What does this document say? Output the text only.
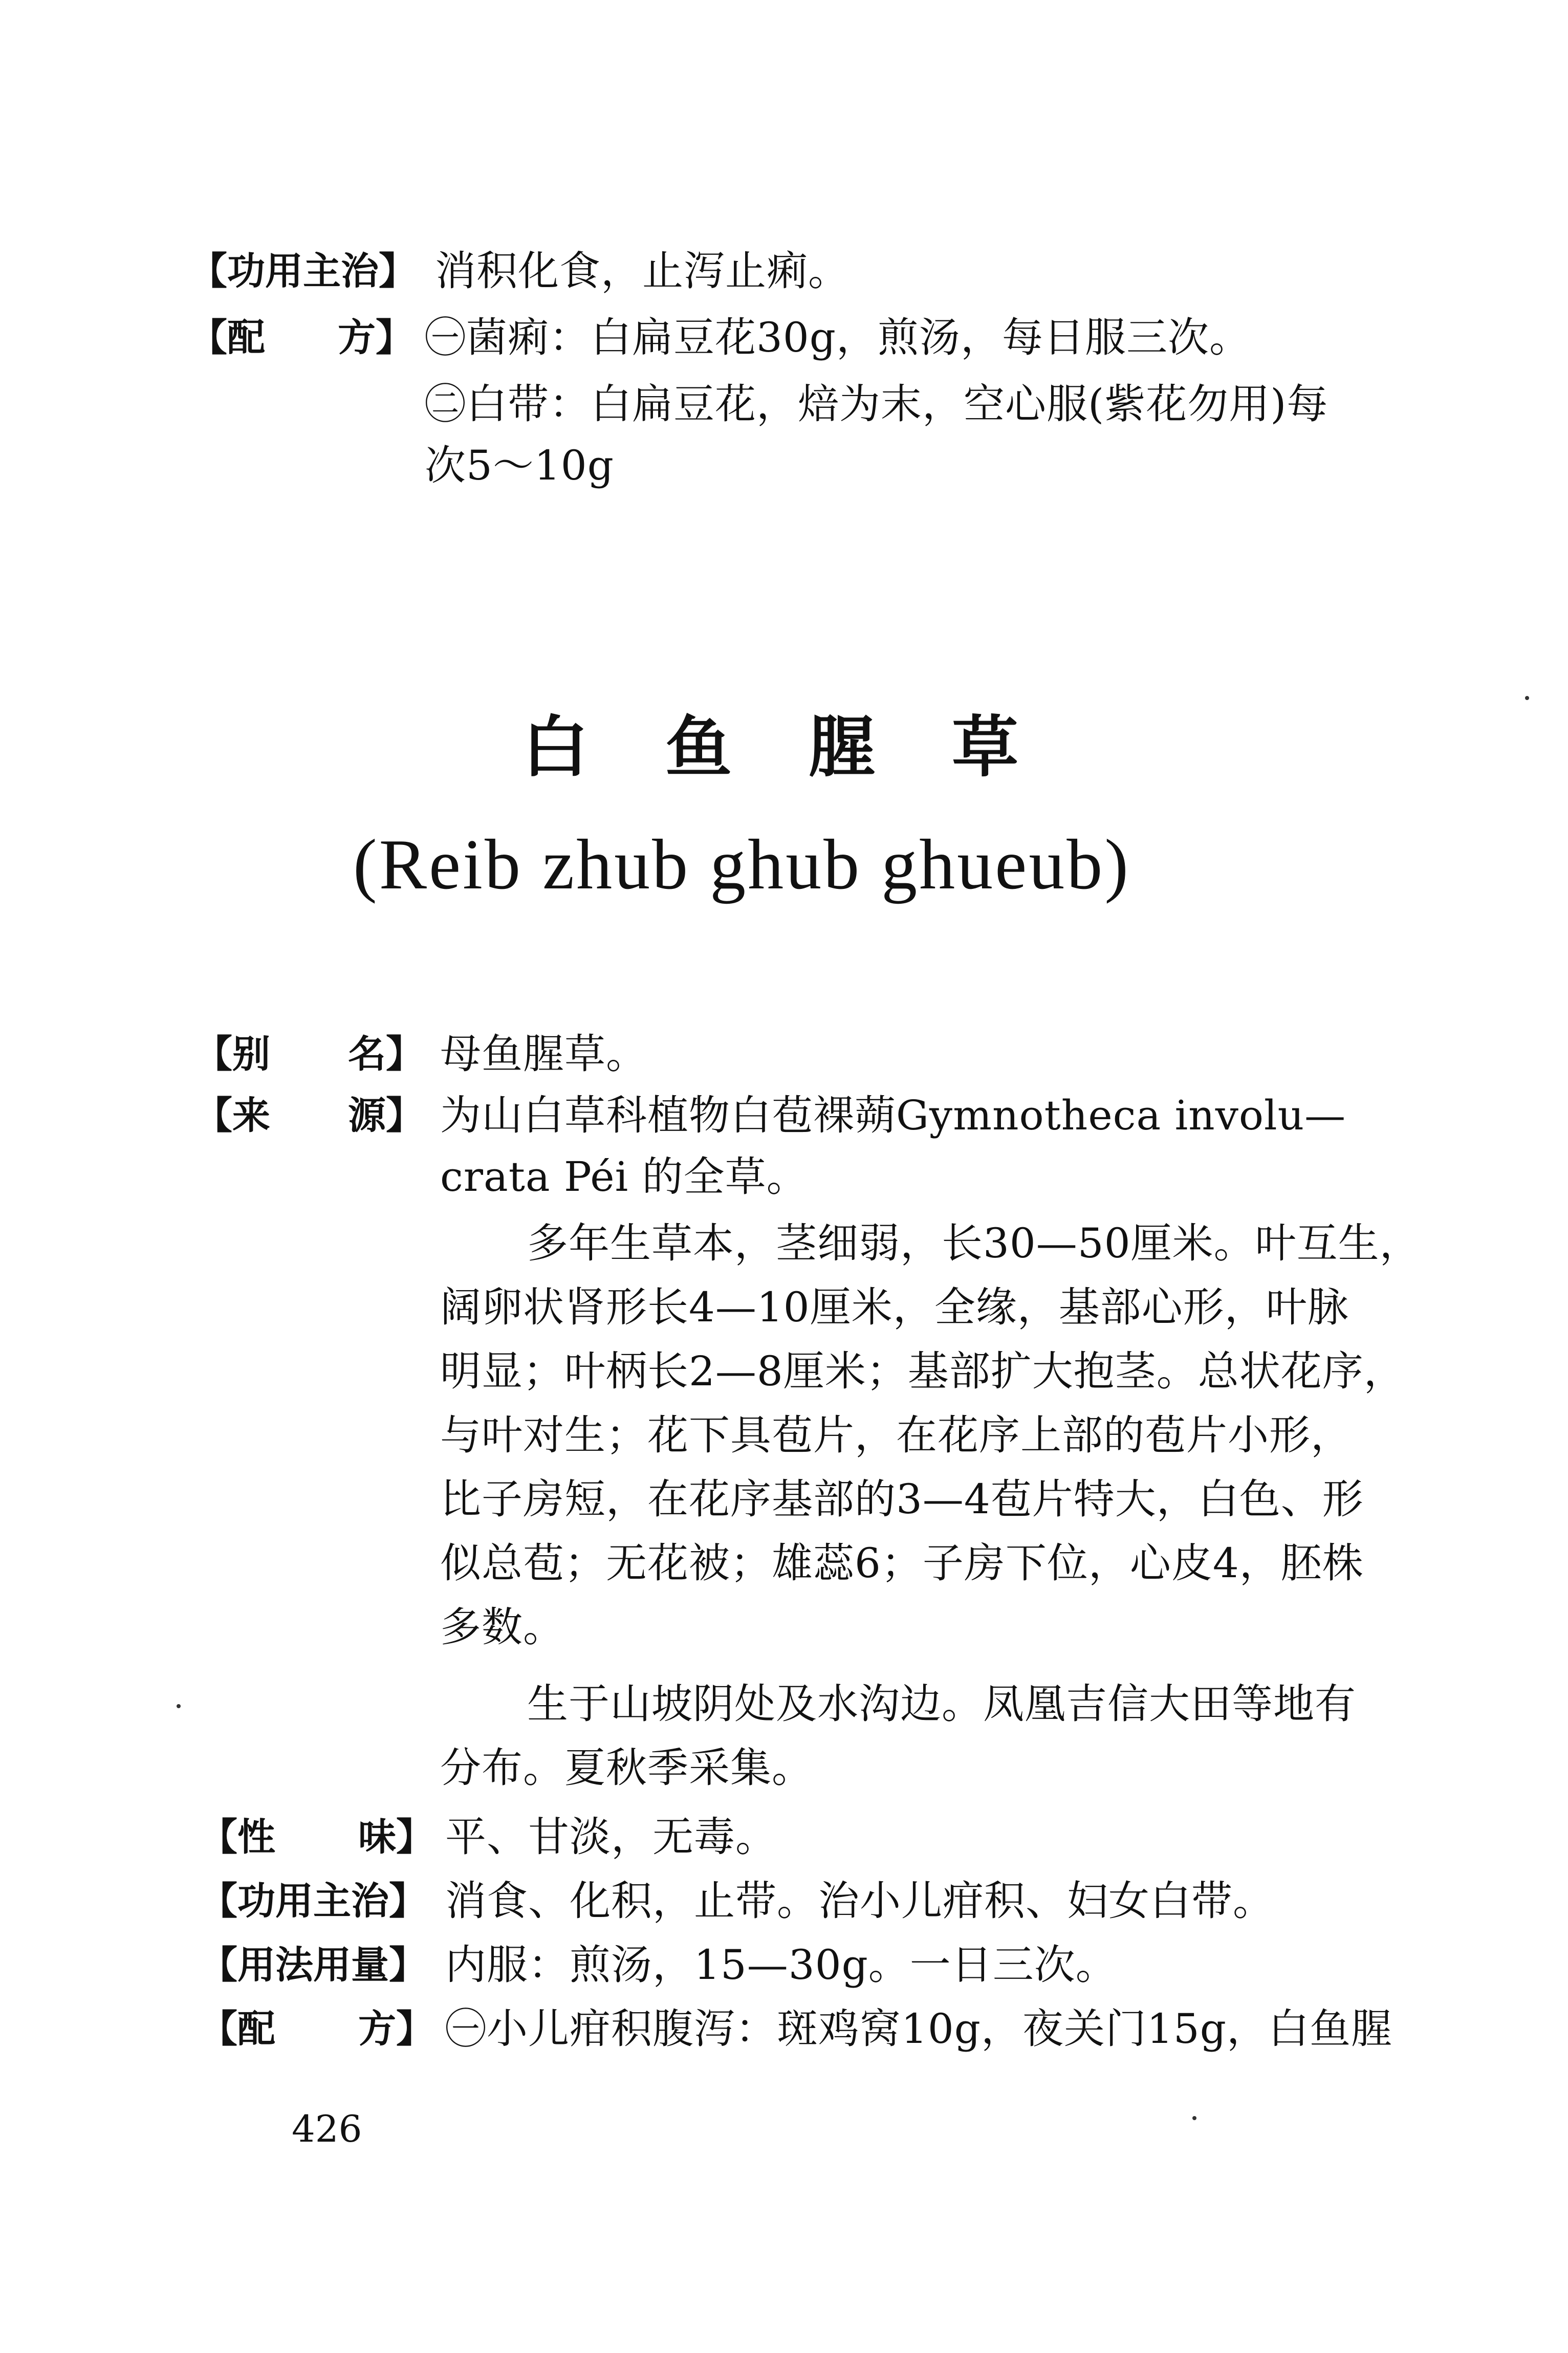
【功用主治】 消积化食，止泻止痢。
【配 方】 ㊀菌痢：白扁豆花30g，煎汤，每日服三次。
㊁白带：白扁豆花，焙为末，空心服(紫花勿用)每
次5～10g
白鱼腥草
(Reib zhub ghub ghueub)
【别 名】 母鱼腥草。
【来 源】 为山白草科植物白苞裸蒴Gymnotheca involu—
crata Péi 的全草。
多年生草本，茎细弱，长30—50厘米。叶互生，
阔卵状肾形长4—10厘米，全缘，基部心形，叶脉
明显；叶柄长2—8厘米；基部扩大抱茎。总状花序，
与叶对生；花下具苞片，在花序上部的苞片小形，
比子房短，在花序基部的3—4苞片特大，白色、形
似总苞；无花被；雄蕊6；子房下位，心皮4，胚株
多数。
生于山坡阴处及水沟边。凤凰吉信大田等地有
分布。夏秋季采集。
【性 味】 平、甘淡，无毒。
【功用主治】 消食、化积，止带。治小儿疳积、妇女白带。
【用法用量】 内服：煎汤，15—30g。一日三次。
【配 方】 ㊀小儿疳积腹泻：斑鸡窝10g，夜关门15g，白鱼腥
426
